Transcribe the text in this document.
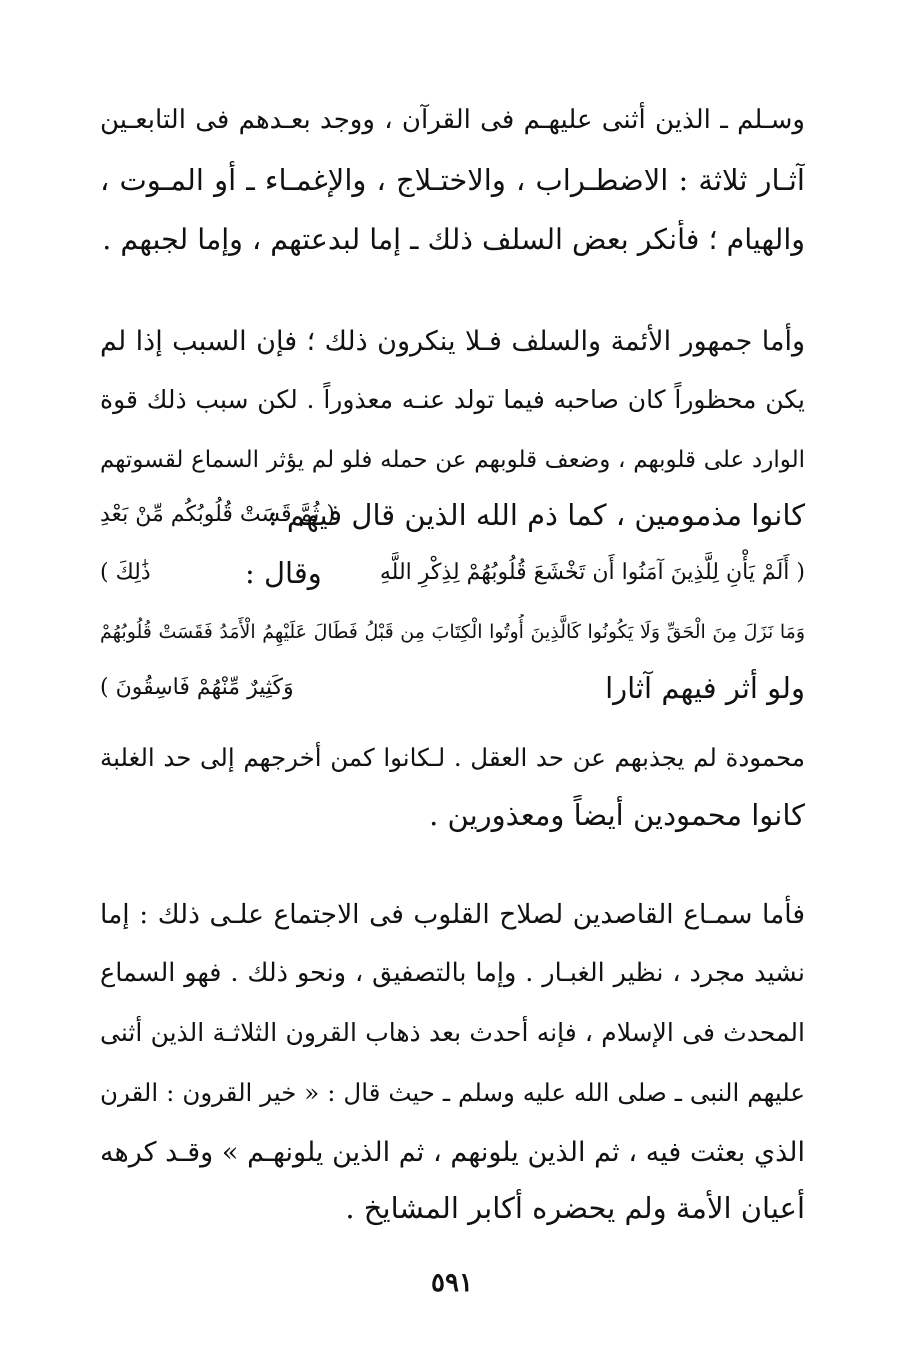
وسـلم ـ الذين أثنى عليهـم فى القرآن ، ووجد بعـدهم فى التابعـين
آثـار ثلاثة : الاضطـراب ، والاختـلاج ، والإغمـاء ـ أو المـوت ،
والهيام ؛ فأنكر بعض السلف ذلك ـ إما لبدعتهم ، وإما لجبهم .
وأما جمهور الأئمة والسلف فـلا ينكرون ذلك ؛ فإن السبب إذا لم
يكن محظوراً كان صاحبه فيما تولد عنـه معذوراً . لكن سبب ذلك قوة
الوارد على قلوبهم ، وضعف قلوبهم عن حمله فلو لم يؤثر السماع لقسوتهم
كانوا مذمومين ، كما ذم الله الذين قال فيهم :
( ثُمَّ قَسَتْ قُلُوبُكُم مِّنْ بَعْدِ
( أَلَمْ يَأْنِ لِلَّذِينَ آمَنُوا أَن تَخْشَعَ قُلُوبُهُمْ لِذِكْرِ اللَّهِ
وقال :
ذَٰلِكَ )
وَمَا نَزَلَ مِنَ الْحَقِّ وَلَا يَكُونُوا كَالَّذِينَ أُوتُوا الْكِتَابَ مِن قَبْلُ فَطَالَ عَلَيْهِمُ الْأَمَدُ فَقَسَتْ قُلُوبُهُمْ
ولو أثر فيهم آثارا
وَكَثِيرٌ مِّنْهُمْ فَاسِقُونَ )
محمودة لم يجذبهم عن حد العقل . لـكانوا كمن أخرجهم إلى حد الغلبة
كانوا محمودين أيضاً ومعذورين .
فأما سمـاع القاصدين لصلاح القلوب فى الاجتماع علـى ذلك : إما
نشيد مجرد ، نظير الغبـار . وإما بالتصفيق ، ونحو ذلك . فهو السماع
المحدث فى الإسلام ، فإنه أحدث بعد ذهاب القرون الثلاثـة الذين أثنى
عليهم النبى ـ صلى الله عليه وسلم ـ حيث قال : « خير القرون : القرن
الذي بعثت فيه ، ثم الذين يلونهم ، ثم الذين يلونهـم » وقـد كرهه
أعيان الأمة ولم يحضره أكابر المشايخ .
٥٩١
